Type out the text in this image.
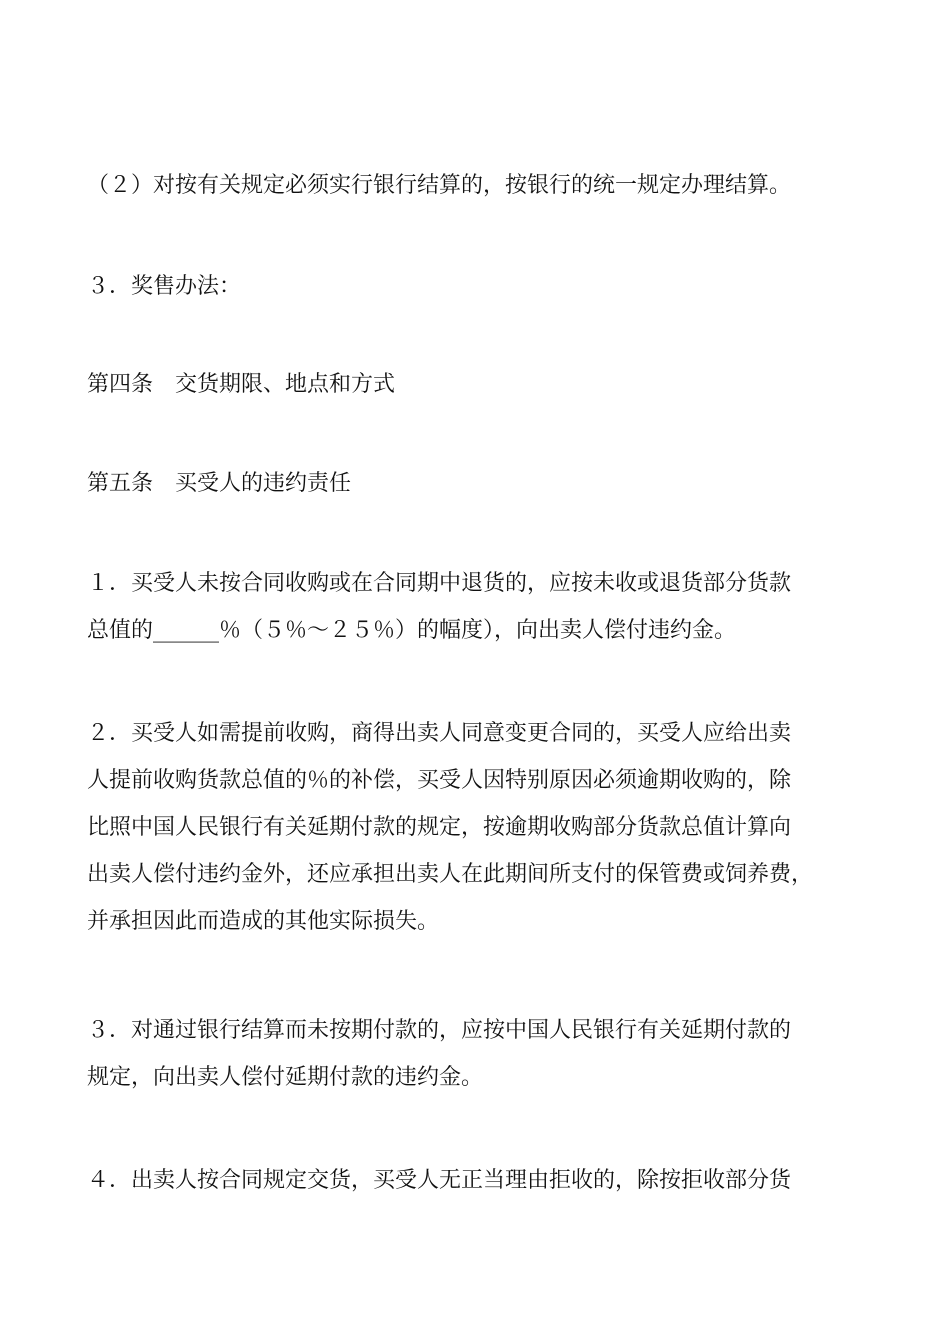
（２）对按有关规定必须实行银行结算的，按银行的统一规定办理结算。

３．奖售办法：

第四条　交货期限、地点和方式

第五条　买受人的违约责任

１．买受人未按合同收购或在合同期中退货的，应按未收或退货部分货款
总值的______％（５％～２５％）的幅度），向出卖人偿付违约金。

２．买受人如需提前收购，商得出卖人同意变更合同的，买受人应给出卖
人提前收购货款总值的％的补偿，买受人因特别原因必须逾期收购的，除
比照中国人民银行有关延期付款的规定，按逾期收购部分货款总值计算向
出卖人偿付违约金外，还应承担出卖人在此期间所支付的保管费或饲养费，
并承担因此而造成的其他实际损失。

３．对通过银行结算而未按期付款的，应按中国人民银行有关延期付款的
规定，向出卖人偿付延期付款的违约金。

４．出卖人按合同规定交货，买受人无正当理由拒收的，除按拒收部分货
